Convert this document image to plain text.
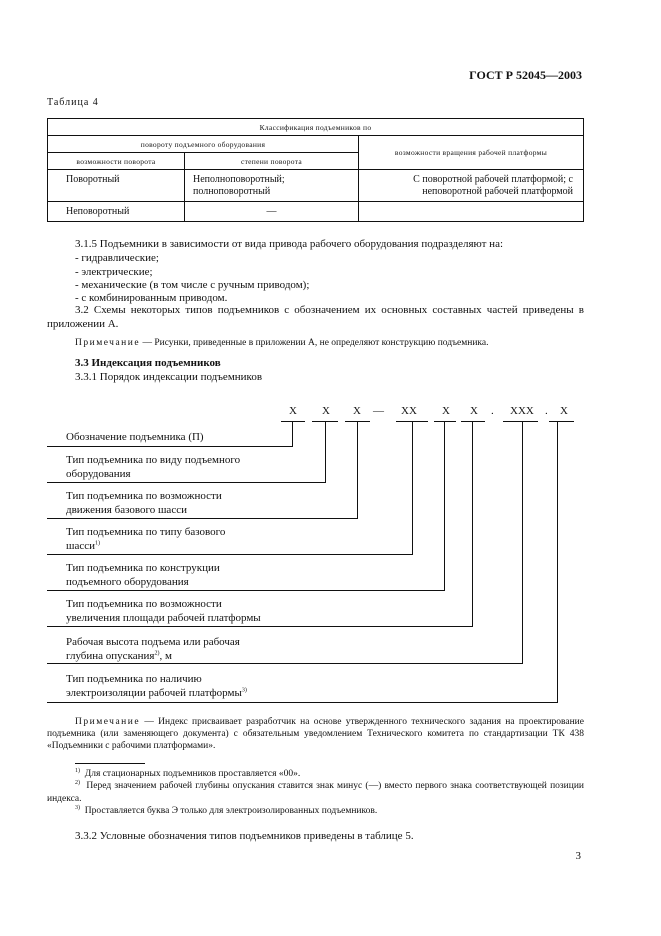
ГОСТ Р 52045—2003
Таблица 4
Классификация подъемников по		
повороту подъемного оборудования		возможности вращения рабочей платформы
возможности поворота	степени поворота	
Поворотный	Неполноповоротный; полноповоротный	С поворотной рабочей платформой; с неповоротной рабочей платформой
Неповоротный	—	
3.1.5 Подъемники в зависимости от вида привода рабочего оборудования подразделяют на:
- гидравлические;
- электрические;
- механические (в том числе с ручным приводом);
- с комбинированным приводом.
3.2 Схемы некоторых типов подъемников с обозначением их основных составных частей приведены в приложении А.
Примечание — Рисунки, приведенные в приложении А, не определяют конструкцию подъемника.
3.3 Индексация подъемников
3.3.1 Порядок индексации подъемников
X X X — XX X X . XXX . X
Обозначение подъемника (П)
Тип подъемника по виду подъемного
оборудования
Тип подъемника по возможности
движения базового шасси
Тип подъемника по типу базового
шасси$^{1)}$
Тип подъемника по конструкции
подъемного оборудования
Тип подъемника по возможности
увеличения площади рабочей платформы
Рабочая высота подъема или рабочая
глубина опускания$^{2)}$, м
Тип подъемника по наличию
электроизоляции рабочей платформы$^{3)}$
Примечание — Индекс присваивает разработчик на основе утвержденного технического задания на проектирование подъемника (или заменяющего документа) с обязательным уведомлением Технического комитета по стандартизации ТК 438 «Подъемники с рабочими платформами».
$^{1)}$ Для стационарных подъемников проставляется «00».
$^{2)}$ Перед значением рабочей глубины опускания ставится знак минус (—) вместо первого знака соответствующей позиции индекса.
$^{3)}$ Проставляется буква Э только для электроизолированных подъемников.
3.3.2 Условные обозначения типов подъемников приведены в таблице 5.
3
